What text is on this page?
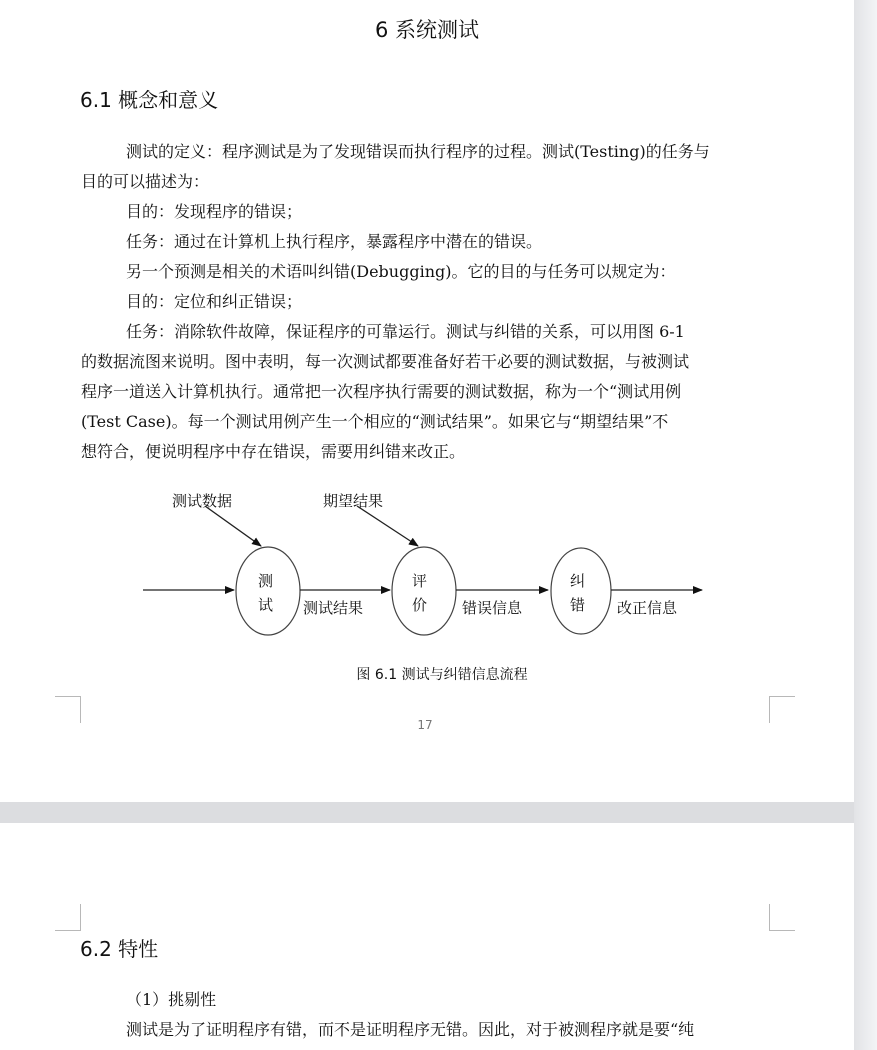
6 系统测试
6.1 概念和意义
测试的定义：程序测试是为了发现错误而执行程序的过程。测试(Testing)的任务与
目的可以描述为：
目的：发现程序的错误；
任务：通过在计算机上执行程序，暴露程序中潜在的错误。
另一个预测是相关的术语叫纠错(Debugging)。它的目的与任务可以规定为：
目的：定位和纠正错误；
任务：消除软件故障，保证程序的可靠运行。测试与纠错的关系，可以用图 6-1
的数据流图来说明。图中表明，每一次测试都要准备好若干必要的测试数据，与被测试
程序一道送入计算机执行。通常把一次程序执行需要的测试数据，称为一个“测试用例
(Test Case)。每一个测试用例产生一个相应的“测试结果”。如果它与“期望结果”不
想符合，便说明程序中存在错误，需要用纠错来改正。
测试数据	期望结果
测
试 测试结果
评
价 错误信息
纠
错 改正信息
图 6.1 测试与纠错信息流程
17
6.2 特性
（1）挑剔性
测试是为了证明程序有错，而不是证明程序无错。因此，对于被测程序就是要“纯
